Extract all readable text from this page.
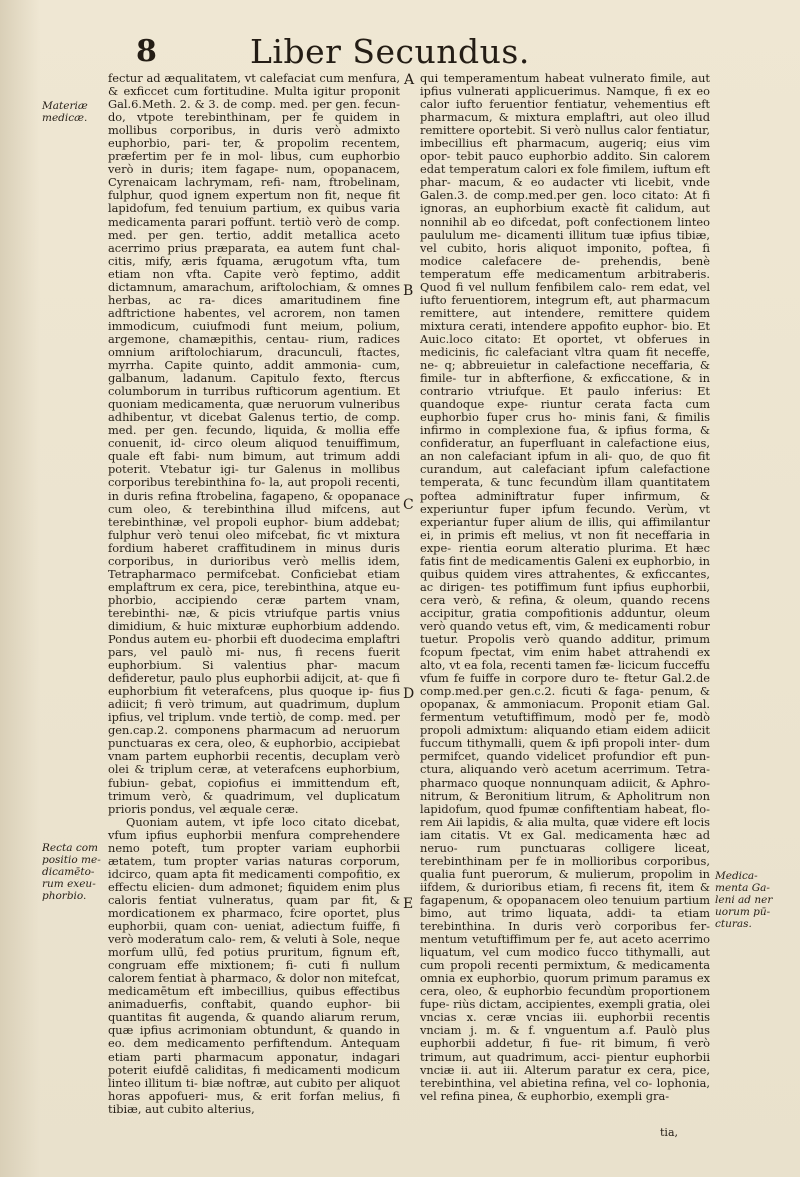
8	Liber Secundus.
Materiæ medicæ.
Recta com positio me- dicamēto- rum exeu- phorbio.
Medica- menta Ga- leni ad ner uorum pū- cturas.
A
B
C
D
E

fectur ad æqualitatem, vt calefaciat cum menfura, & exficcet cum fortitudine. Multa igitur proponit Gal.6.Meth. 2. & 3. de comp. med. per gen. fecun- do, vtpote terebinthinam, per fe quidem in mollibus corporibus, in duris verò admixto euphorbio, pari- ter, & propolim recentem, præfertim per fe in mol- libus, cum euphorbio verò in duris; item fagape- num, opopanacem, Cyrenaicam lachrymam, refi- nam, ftrobelinam, fulphur, quod ignem expertum non fit, neque fit lapidofum, fed tenuium partium, ex quibus varia medicamenta parari poffunt. tertiò verò de comp. med. per gen. tertio, addit metallica aceto acerrimo prius præparata, ea autem funt chal- citis, mify, æris fquama, ærugotum vfta, tum etiam non vfta. Capite verò feptimo, addit dictamnum, amarachum, ariftolochiam, & omnes herbas, ac ra- dices amaritudinem fine adftrictione habentes, vel acrorem, non tamen immodicum, cuiufmodi funt meium, polium, argemone, chamæpithis, centau- rium, radices omnium ariftolochiarum, dracunculi, ftactes, myrrha. Capite quinto, addit ammonia- cum, galbanum, ladanum. Capitulo fexto, ftercus columborum in turribus rufticorum agentium. Et quoniam medicamenta, quæ neruorum vulneribus adhibentur, vt dicebat Galenus tertio, de comp. med. per gen. fecundo, liquida, & mollia effe conuenit, id- circo oleum aliquod tenuiffimum, quale eft fabi- num bimum, aut trimum addi poterit. Vtebatur igi- tur Galenus in mollibus corporibus terebinthina fo- la, aut propoli recenti, in duris refina ftrobelina, fagapeno, & opopanace cum oleo, & terebinthina illud mifcens, aut terebinthinæ, vel propoli euphor- bium addebat; fulphur verò tenui oleo mifcebat, fic vt mixtura fordium haberet craffitudinem in minus duris corporibus, in durioribus verò mellis idem, Tetrapharmaco permifcebat. Conficiebat etiam emplaftrum ex cera, pice, terebinthina, atque eu- phorbio, accipiendo ceræ partem vnam, terebinthi- næ, & picis vtriufque partis vnius dimidium, & huic mixturæ euphorbium addendo. Pondus autem eu- phorbii eft duodecima emplaftri pars, vel paulò mi- nus, fi recens fuerit euphorbium. Si valentius phar- macum defideretur, paulo plus euphorbii adijcit, at- que fi euphorbium fit veterafcens, plus quoque ip- fius adiicit; fi verò trimum, aut quadrimum, duplum ipfius, vel triplum. vnde tertiò, de comp. med. per gen.cap.2. componens pharmacum ad neruorum punctuaras ex cera, oleo, & euphorbio, accipiebat vnam partem euphorbii recentis, decuplam verò olei & triplum ceræ, at veterafcens euphorbium, fubiun- gebat, copiofius ei immittendum eft, trimum verò, & quadrimum, vel duplicatum prioris pondus, vel æquale ceræ.

Quoniam autem, vt ipfe loco citato dicebat, vfum ipfius euphorbii menfura comprehendere nemo poteft, tum propter variam euphorbii ætatem, tum propter varias naturas corporum, idcirco, quam apta fit medicamenti compofitio, ex effectu elicien- dum admonet; fiquidem enim plus caloris fentiat vulneratus, quam par fit, & mordicationem ex pharmaco, fcire oportet, plus euphorbii, quam con- ueniat, adiectum fuiffe, fi verò moderatum calo- rem, & veluti à Sole, neque morfum ullū, fed potius pruritum, fignum eft, congruam effe mixtionem; fi- cuti fi nullum calorem fentiat à pharmaco, & dolor non mitefcat, medicamētum eft imbecillius, quibus effectibus animaduerfis, conftabit, quando euphor- bii quantitas fit augenda, & quando aliarum rerum, quæ ipfius acrimoniam obtundunt, & quando in eo. dem medicamento perfiftendum. Antequam etiam parti pharmacum apponatur, indagari poterit eiufdē caliditas, fi medicamenti modicum linteo illitum ti- biæ noftræ, aut cubito per aliquot horas appofueri- mus, & erit forfan melius, fi tibiæ, aut cubito alterius,

qui temperamentum habeat vulnerato fimile, aut ipfius vulnerati applicuerimus. Namque, fi ex eo calor iufto feruentior fentiatur, vehementius eft pharmacum, & mixtura emplaftri, aut oleo illud remittere oportebit. Si verò nullus calor fentiatur, imbecillius eft pharmacum, augeriq; eius vim opor- tebit pauco euphorbio addito. Sin calorem edat temperatum calori ex fole fimilem, iuftum eft phar- macum, & eo audacter vti licebit, vnde Galen.3. de comp.med.per gen. loco citato: At fi ignoras, an euphorbium exactè fit calidum, aut nonnihil ab eo difcedat, poft confectionem linteo paululum me- dicamenti illitum tuæ ipfius tibiæ, vel cubito, horis aliquot imponito, poftea, fi modice calefacere de- prehendis, benè temperatum effe medicamentum arbitraberis. Quod fi vel nullum fenfibilem calo- rem edat, vel iufto feruentiorem, integrum eft, aut pharmacum remittere, aut intendere, remittere quidem mixtura cerati, intendere appofito euphor- bio. Et Auic.loco citato: Et oportet, vt obferues in medicinis, fic calefaciant vltra quam fit neceffe, ne- q; abbreuietur in calefactione neceffaria, & fimile- tur in abfterfione, & exficcatione, & in contrario vtriufque. Et paulo inferius: Et quandoque expe- riuntur cerata facta cum euphorbio fuper crus ho- minis fani, & fimilis infirmo in complexione fua, & ipfius forma, & confideratur, an fuperfluant in calefactione eius, an non calefaciant ipfum in ali- quo, de quo fit curandum, aut calefaciant ipfum calefactione temperata, & tunc fecundùm illam quantitatem poftea adminiftratur fuper infirmum, & experiuntur fuper ipfum fecundo. Verùm, vt experiantur fuper alium de illis, qui affimilantur ei, in primis eft melius, vt non fit neceffaria in expe- rientia eorum alteratio plurima. Et hæc fatis fint de medicamentis Galeni ex euphorbio, in quibus quidem vires attrahentes, & exficcantes, ac dirigen- tes potiffimum funt ipfius euphorbii, cera verò, & refina, & oleum, quando recens accipitur, gratia compofitionis adduntur, oleum verò quando vetus eft, vim, & medicamenti robur tuetur. Propolis verò quando additur, primum fcopum fpectat, vim enim habet attrahendi ex alto, vt ea fola, recenti tamen fæ- licicum fucceffu vfum fe fuiffe in corpore duro te- ftetur Gal.2.de comp.med.per gen.c.2. ficuti & faga- penum, & opopanax, & ammoniacum. Proponit etiam Gal. fermentum vetuftiffimum, modò per fe, modò propoli admixtum: aliquando etiam eidem adiicit fuccum tithymalli, quem & ipfi propoli inter- dum permifcet, quando videlicet profundior eft pun- ctura, aliquando verò acetum acerrimum. Tetra- pharmaco quoque nonnunquam adiicit, & Aphro- nitrum, & Beronitium litrum, & Apholitrum non lapidofum, quod fpumæ confiftentiam habeat, flo- rem Aii lapidis, & alia multa, quæ videre eft locis iam citatis. Vt ex Gal. medicamenta hæc ad neruo- rum punctuaras colligere liceat, terebinthinam per fe in mollioribus corporibus, qualia funt puerorum, & mulierum, propolim in iifdem, & durioribus etiam, fi recens fit, item & fagapenum, & opopanacem oleo tenuium partium bimo, aut trimo liquata, addi- ta etiam terebinthina. In duris verò corporibus fer- mentum vetuftiffimum per fe, aut aceto acerrimo liquatum, vel cum modico fucco tithymalli, aut cum propoli recenti permixtum, & medicamenta omnia ex euphorbio, quorum primum paramus ex cera, oleo, & euphorbio fecundùm proportionem fupe- riùs dictam, accipientes, exempli gratia, olei vncias x. ceræ vncias iii. euphorbii recentis vnciam j. m. & f. vnguentum a.f. Paulò plus euphorbii addetur, fi fue- rit bimum, fi verò trimum, aut quadrimum, acci- pientur euphorbii vnciæ ii. aut iii. Alterum paratur ex cera, pice, terebinthina, vel abietina refina, vel co- lophonia, vel refina pinea, & euphorbio, exempli gra-

tia,
